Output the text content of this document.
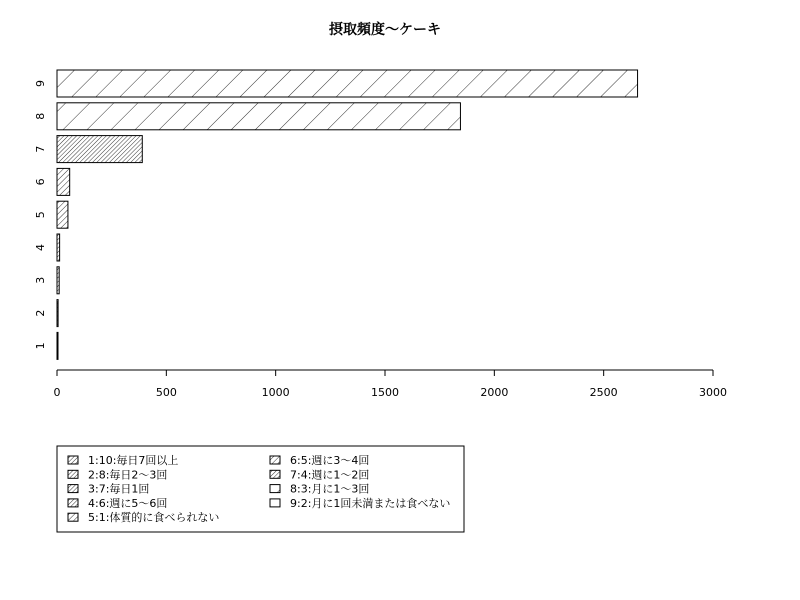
摂取頻度～ケーキ
1
2
3
4
5
6
7
8
9
0	500	1000	1500	2000	2500	3000
1:10:毎日7回以上
2:8:毎日2～3回
3:7:毎日1回
4:6:週に5～6回
5:1:体質的に食べられない
6:5:週に3～4回
7:4:週に1～2回
8:3:月に1～3回
9:2:月に1回未満または食べない
